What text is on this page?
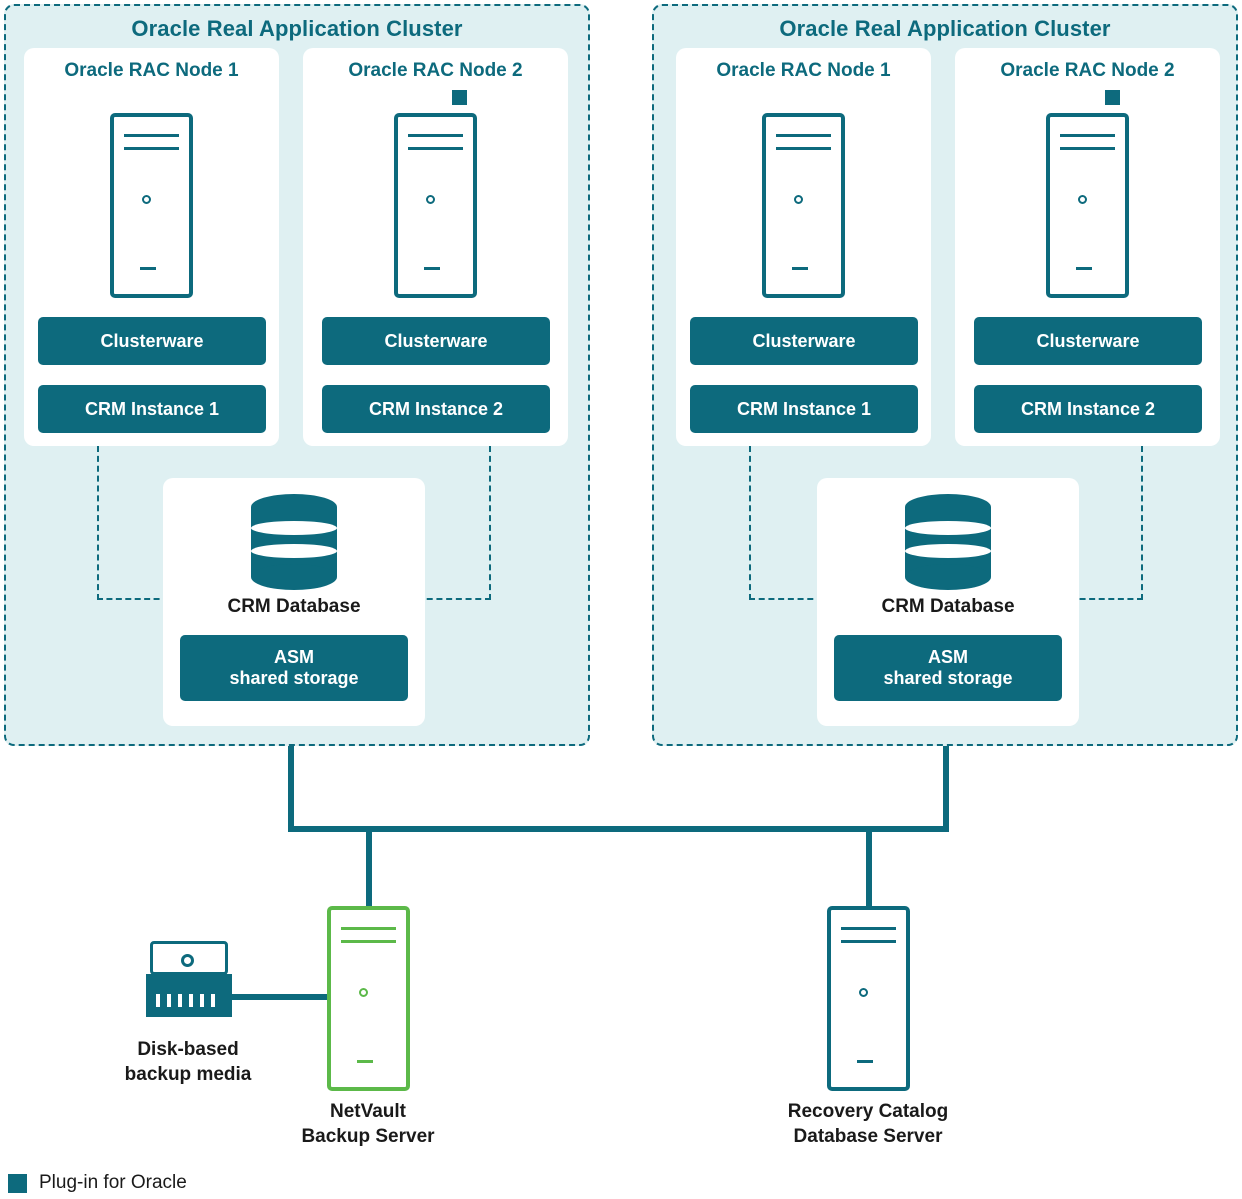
Oracle Real Application Cluster
Oracle RAC Node 1
Clusterware
CRM Instance 1
Oracle RAC Node 2
Clusterware
CRM Instance 2
CRM Database
ASM
shared storage
Oracle Real Application Cluster
Oracle RAC Node 1
Clusterware
CRM Instance 1
Oracle RAC Node 2
Clusterware
CRM Instance 2
CRM Database
ASM
shared storage
Disk-based
backup media
NetVault
Backup Server
Recovery Catalog
Database Server
Plug-in for Oracle
